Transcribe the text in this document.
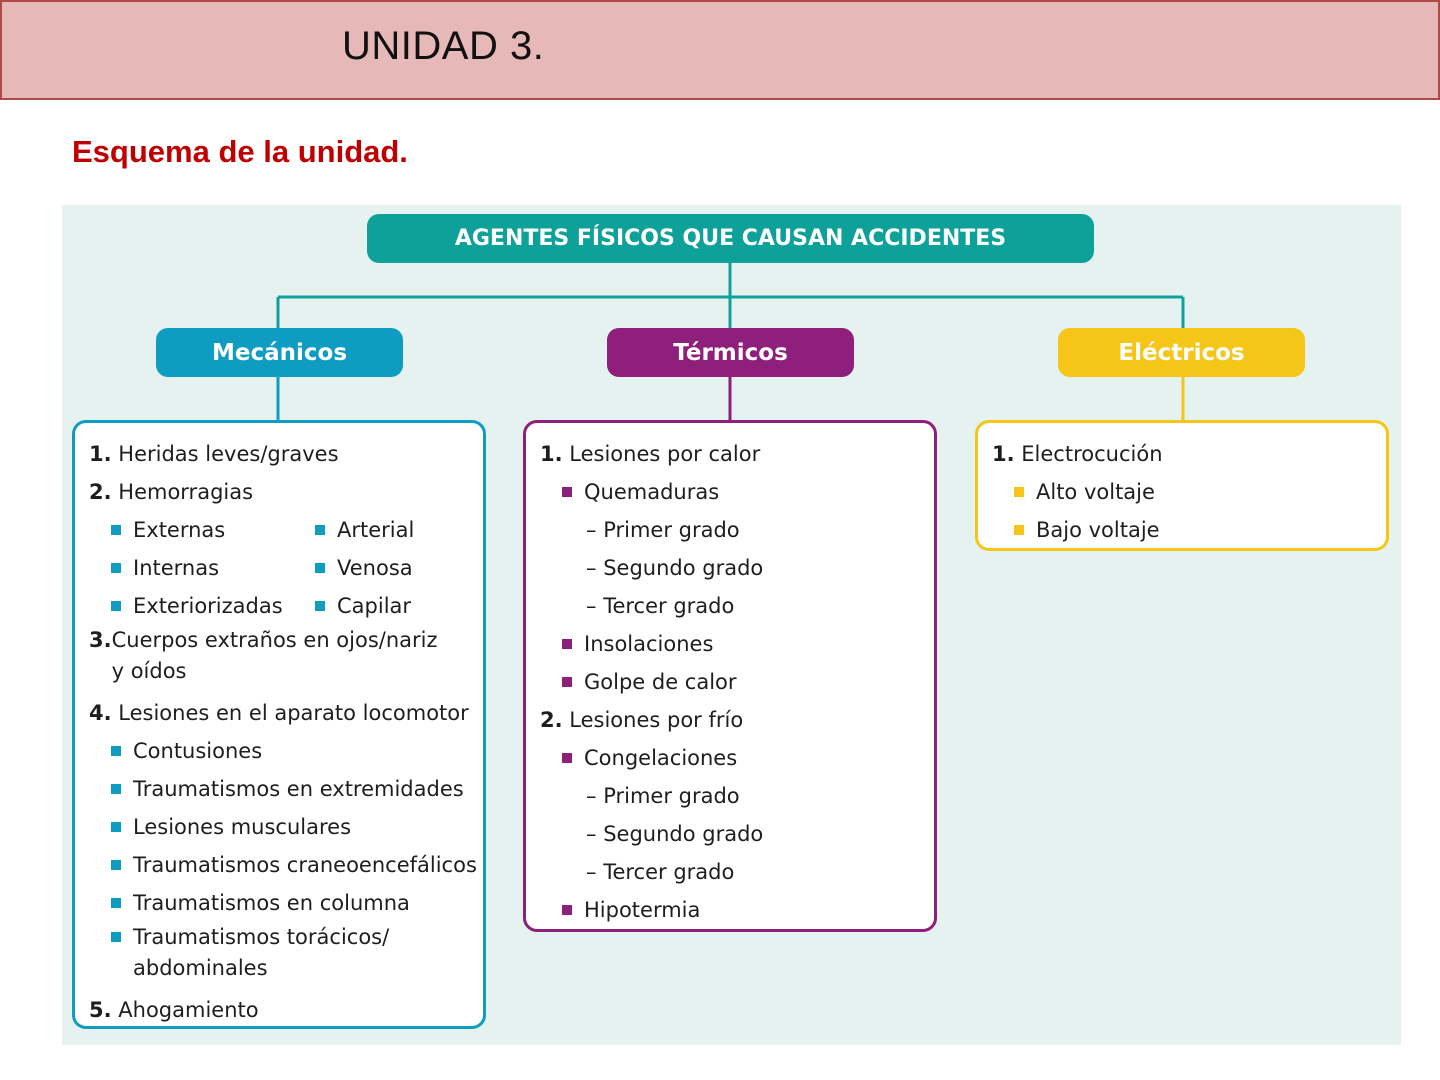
UNIDAD 3.
Esquema de la unidad.
AGENTES FÍSICOS QUE CAUSAN ACCIDENTES
Mecánicos	Térmicos	Eléctricos
1. Heridas leves/graves
2. Hemorragias
Externas	Arterial
Internas	Venosa
Exteriorizadas	Capilar
3.Cuerpos extraños en ojos/nariz y oídos
4. Lesiones en el aparato locomotor
Contusiones
Traumatismos en extremidades
Lesiones musculares
Traumatismos craneoencefálicos
Traumatismos en columna
Traumatismos torácicos/ abdominales
5. Ahogamiento
1. Lesiones por calor
Quemaduras
– Primer grado
– Segundo grado
– Tercer grado
Insolaciones
Golpe de calor
2. Lesiones por frío
Congelaciones
– Primer grado
– Segundo grado
– Tercer grado
Hipotermia
1. Electrocución
Alto voltaje
Bajo voltaje
